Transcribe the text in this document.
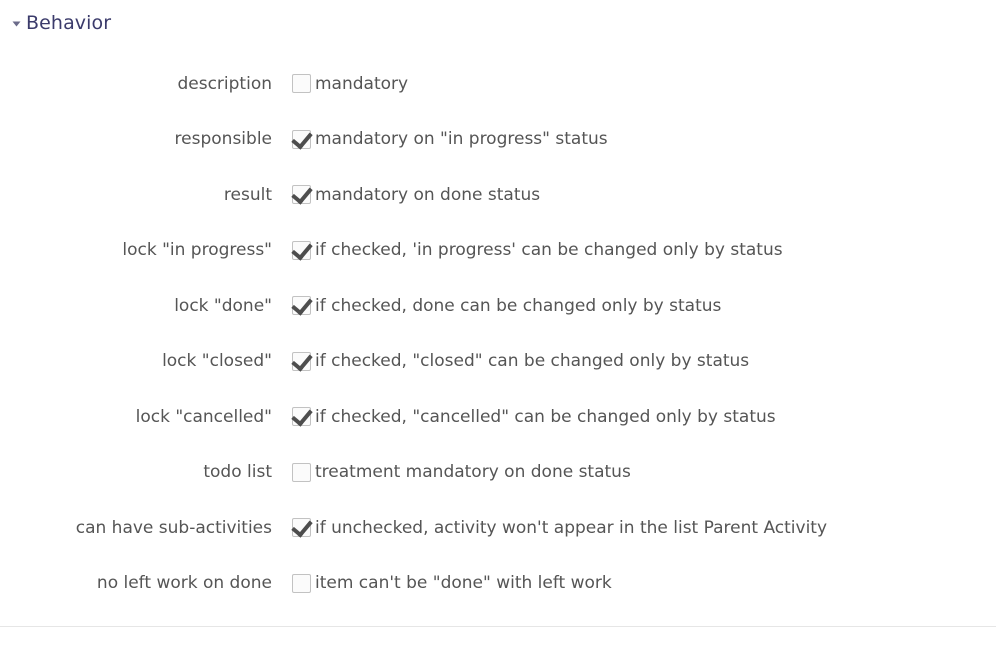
Behavior
description	mandatory
responsible	mandatory on "in progress" status
result	mandatory on done status
lock "in progress"	if checked, 'in progress' can be changed only by status
lock "done"	if checked, done can be changed only by status
lock "closed"	if checked, "closed" can be changed only by status
lock "cancelled"	if checked, "cancelled" can be changed only by status
todo list	treatment mandatory on done status
can have sub-activities	if unchecked, activity won't appear in the list Parent Activity
no left work on done	item can't be "done" with left work
